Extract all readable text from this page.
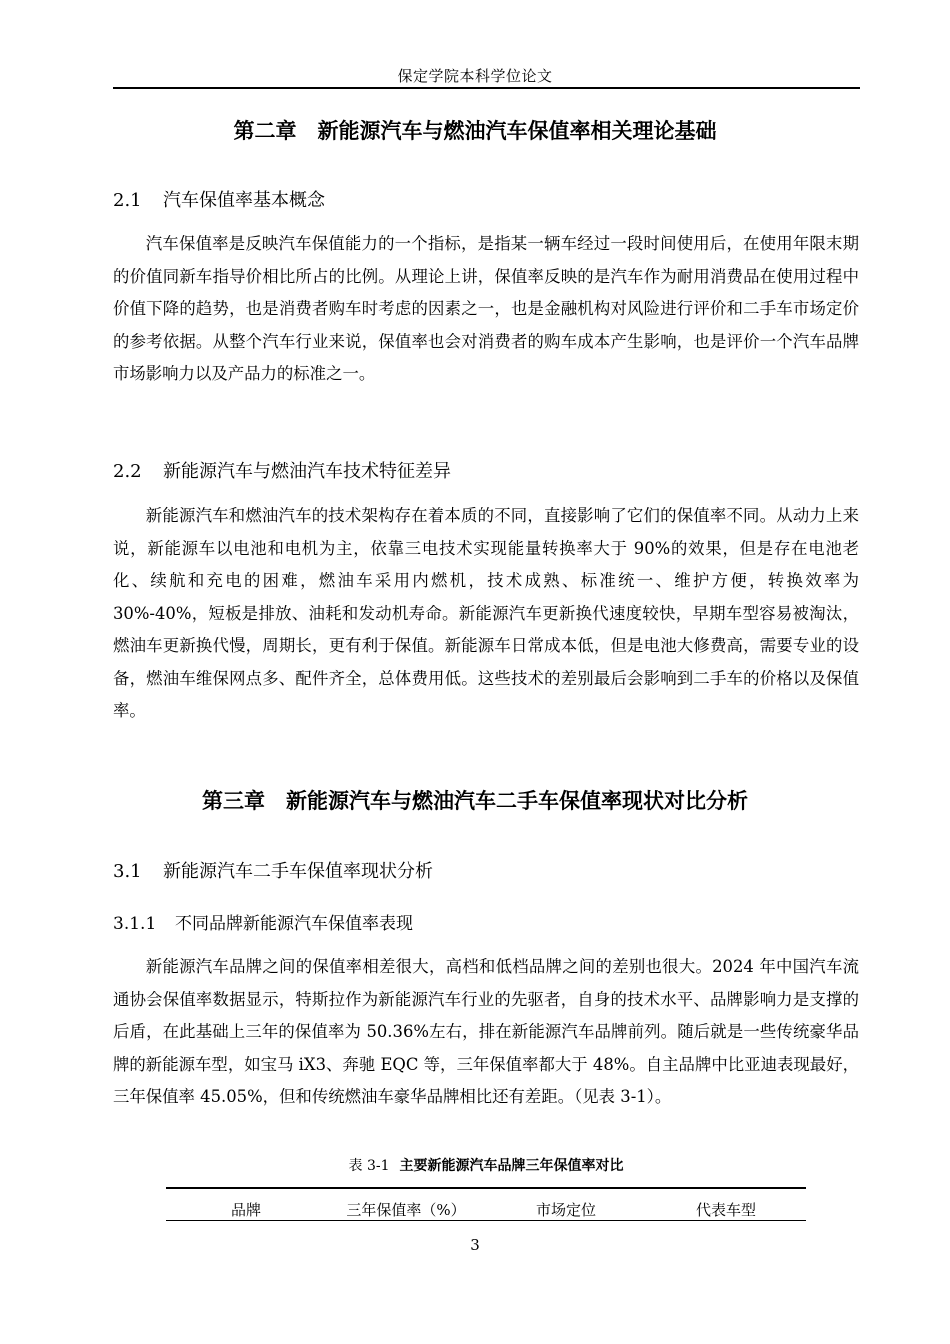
保定学院本科学位论文
第二章　新能源汽车与燃油汽车保值率相关理论基础
2.1 汽车保值率基本概念

汽车保值率是反映汽车保值能力的一个指标，是指某一辆车经过一段时间使用后，在使用年限末期的价值同新车指导价相比所占的比例。从理论上讲，保值率反映的是汽车作为耐用消费品在使用过程中价值下降的趋势，也是消费者购车时考虑的因素之一，也是金融机构对风险进行评价和二手车市场定价的参考依据。从整个汽车行业来说，保值率也会对消费者的购车成本产生影响，也是评价一个汽车品牌市场影响力以及产品力的标准之一。

2.2 新能源汽车与燃油汽车技术特征差异

新能源汽车和燃油汽车的技术架构存在着本质的不同，直接影响了它们的保值率不同。从动力上来说，新能源车以电池和电机为主，依靠三电技术实现能量转换率大于 90%的效果，但是存在电池老化、续航和充电的困难，燃油车采用内燃机，技术成熟、标准统一、维护方便，转换效率为 30%-40%，短板是排放、油耗和发动机寿命。新能源汽车更新换代速度较快，早期车型容易被淘汰，燃油车更新换代慢，周期长，更有利于保值。新能源车日常成本低，但是电池大修费高，需要专业的设备，燃油车维保网点多、配件齐全，总体费用低。这些技术的差别最后会影响到二手车的价格以及保值率。

第三章　新能源汽车与燃油汽车二手车保值率现状对比分析
3.1 新能源汽车二手车保值率现状分析
3.1.1 不同品牌新能源汽车保值率表现

新能源汽车品牌之间的保值率相差很大，高档和低档品牌之间的差别也很大。2024 年中国汽车流通协会保值率数据显示，特斯拉作为新能源汽车行业的先驱者，自身的技术水平、品牌影响力是支撑的后盾，在此基础上三年的保值率为 50.36%左右，排在新能源汽车品牌前列。随后就是一些传统豪华品牌的新能源车型，如宝马 iX3、奔驰 EQC 等，三年保值率都大于 48%。自主品牌中比亚迪表现最好，三年保值率 45.05%，但和传统燃油车豪华品牌相比还有差距。（见表 3-1）。

表 3-1 主要新能源汽车品牌三年保值率对比
品牌	三年保值率（%）	市场定位	代表车型
3
